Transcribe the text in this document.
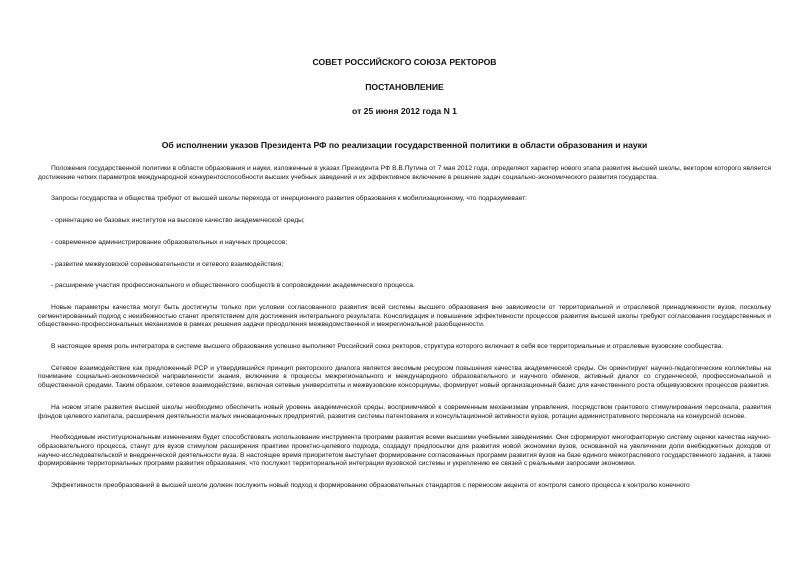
СОВЕТ РОССИЙСКОГО СОЮЗА РЕКТОРОВ
ПОСТАНОВЛЕНИЕ
от 25 июня 2012 года N 1
Об исполнении указов Президента РФ по реализации государственной политики в области образования и науки

Положения государственной политики в области образования и науки, изложенные в указах Президента РФ В.В.Путина от 7 мая 2012 года, определяют характер нового этапа развития высшей школы, вектором которого является достижение четких параметров международной конкурентоспособности высших учебных заведений и их эффективное включение в решение задач социально-экономического развития государства.

Запросы государства и общества требуют от высшей школы перехода от инерционного развития образования к мобилизационному, что подразумевает:

- ориентацию ее базовых институтов на высокое качество академической среды;

- современное администрирование образовательных и научных процессов;

- развитие межвузовской соревновательности и сетевого взаимодействия;

- расширение участия профессионального и общественного сообществ в сопровождении академического процесса.

Новые параметры качества могут быть достигнуты только при условии согласованного развития всей системы высшего образования вне зависимости от территориальной и отраслевой принадлежности вузов, поскольку сегментированный подход с неизбежностью станет препятствием для достижения интегрального результата. Консолидация и повышение эффективности процессов развития высшей школы требуют согласования государственных и общественно-профессиональных механизмов в рамках решения задачи преодоления межведомственной и межрегиональной разобщенности.

В настоящее время роль интегратора в системе высшего образования успешно выполняет Российский союз ректоров, структура которого включает в себя все территориальные и отраслевые вузовские сообщества.

Сетевое взаимодействие как предложенный РСР и утвердившийся принцип ректорского диалога является весомым ресурсом повышения качества академической среды. Он ориентирует научно-педагогические коллективы на понимание социально-экономической направленности знания, включение в процессы межрегионального и международного образовательного и научного обменов, активный диалог со студенческой, профессиональной и общественной средами. Таким образом, сетевое взаимодействие, включая сетевые университеты и межвузовские консорциумы, формирует новый организационный базис для качественного роста общевузовских процессов развития.

На новом этапе развития высшей школы необходимо обеспечить новый уровень академической среды, восприимчивой к современным механизмам управления, посредством грантового стимулирования персонала, развития фондов целевого капитала, расширения деятельности малых инновационных предприятий, развития системы патентования и консультационной активности вузов, ротации административного персонала на конкурсной основе.

Необходимым институциональным изменениям будет способствовать использование инструмента программ развития всеми высшими учебными заведениями. Они сформируют многофакторную систему оценки качества научно-образовательного процесса, станут для вузов стимулом расширения практики проектно-целевого подхода, создадут предпосылки для развития новой экономики вузов, основанной на увеличении доли внебюджетных доходов от научно-исследовательской и внедренческой деятельности вуза. В настоящее время приоритетом выступает формирование согласованных программ развития вузов на базе единого межотраслевого государственного задания, а также формирование территориальных программ развития образования, что послужит территориальной интеграции вузовской системы и укреплению ее связей с реальными запросами экономики.

Эффективности преобразований в высшей школе должен послужить новый подход к формированию образовательных стандартов с переносом акцента от контроля самого процесса к контролю конечного
